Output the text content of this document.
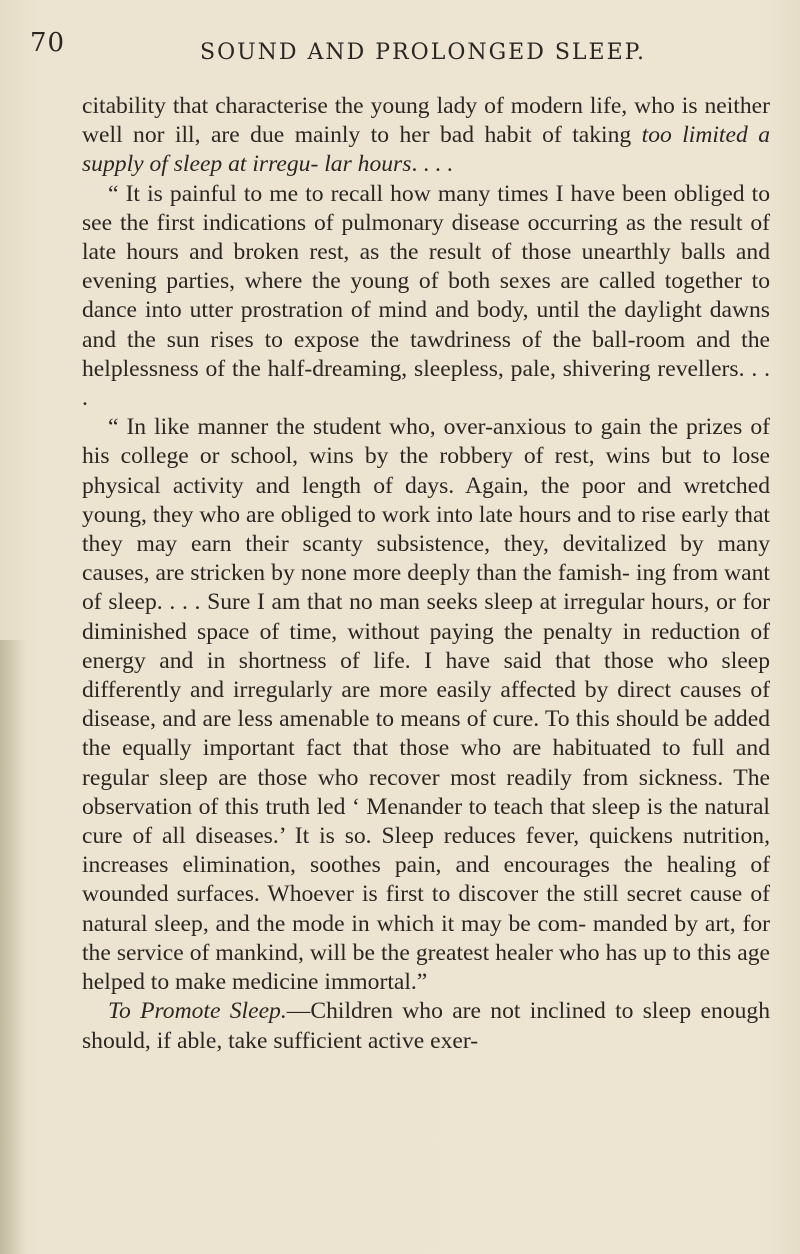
70	SOUND AND PROLONGED SLEEP.

citability that characterise the young lady of modern life, who is neither well nor ill, are due mainly to her bad habit of taking too limited a supply of sleep at irregu- lar hours. . . .

“ It is painful to me to recall how many times I have been obliged to see the first indications of pulmonary disease occurring as the result of late hours and broken rest, as the result of those unearthly balls and evening parties, where the young of both sexes are called together to dance into utter prostration of mind and body, until the daylight dawns and the sun rises to expose the tawdriness of the ball-room and the helplessness of the half-dreaming, sleepless, pale, shivering revellers. . . .

“ In like manner the student who, over-anxious to gain the prizes of his college or school, wins by the robbery of rest, wins but to lose physical activity and length of days. Again, the poor and wretched young, they who are obliged to work into late hours and to rise early that they may earn their scanty subsistence, they, devitalized by many causes, are stricken by none more deeply than the famish- ing from want of sleep. . . . Sure I am that no man seeks sleep at irregular hours, or for diminished space of time, without paying the penalty in reduction of energy and in shortness of life. I have said that those who sleep differently and irregularly are more easily affected by direct causes of disease, and are less amenable to means of cure. To this should be added the equally important fact that those who are habituated to full and regular sleep are those who recover most readily from sickness. The observation of this truth led ‘ Menander to teach that sleep is the natural cure of all diseases.’ It is so. Sleep reduces fever, quickens nutrition, increases elimination, soothes pain, and encourages the healing of wounded surfaces. Whoever is first to discover the still secret cause of natural sleep, and the mode in which it may be com- manded by art, for the service of mankind, will be the greatest healer who has up to this age helped to make medicine immortal.”

To Promote Sleep.—Children who are not inclined to sleep enough should, if able, take sufficient active exer-
